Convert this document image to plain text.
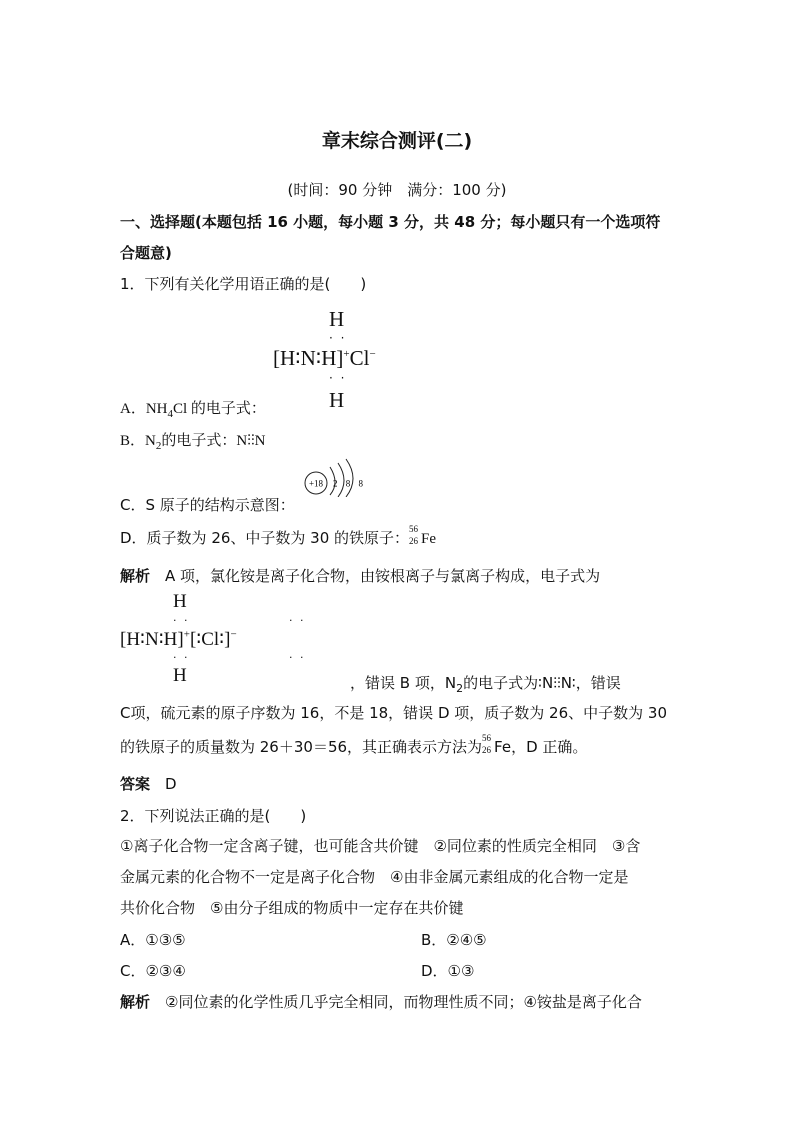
章末综合测评(二)
(时间：90 分钟　满分：100 分)
一、选择题(本题包括 16 小题，每小题 3 分，共 48 分；每小题只有一个选项符
合题意)
1．下列有关化学用语正确的是(　　)
H
· ·
[H∶N∶H]+Cl−
· ·
H
A．$NH_4Cl$ 的电子式：
B．$N_2$的电子式：N⫶⫶N
+18 2 8 8
C．S 原子的结构示意图：
D．质子数为 26、中子数为 30 的铁原子： 56
26 Fe
解析　 A 项，氯化铵是离子化合物，由铵根离子与氯离子构成，电子式为
H
· ·	· ·
[H∶N∶H]+[∶Cl∶]−
· ·	· ·
H	，错误 B 项，$N_2$的电子式为∶N⫶⫶N∶，错误
C项，硫元素的原子序数为 16，不是 18，错误 D 项，质子数为 26、中子数为 30
的铁原子的质量数为 26＋30＝56，其正确表示方法为 56
26 Fe，D 正确。
答案　 D
2．下列说法正确的是(　　)
①离子化合物一定含离子键，也可能含共价键　②同位素的性质完全相同　③含
金属元素的化合物不一定是离子化合物　④由非金属元素组成的化合物一定是
共价化合物　⑤由分子组成的物质中一定存在共价键
A．①③⑤	B．②④⑤
C．②③④	D．①③
解析　 ②同位素的化学性质几乎完全相同，而物理性质不同；④铵盐是离子化合
